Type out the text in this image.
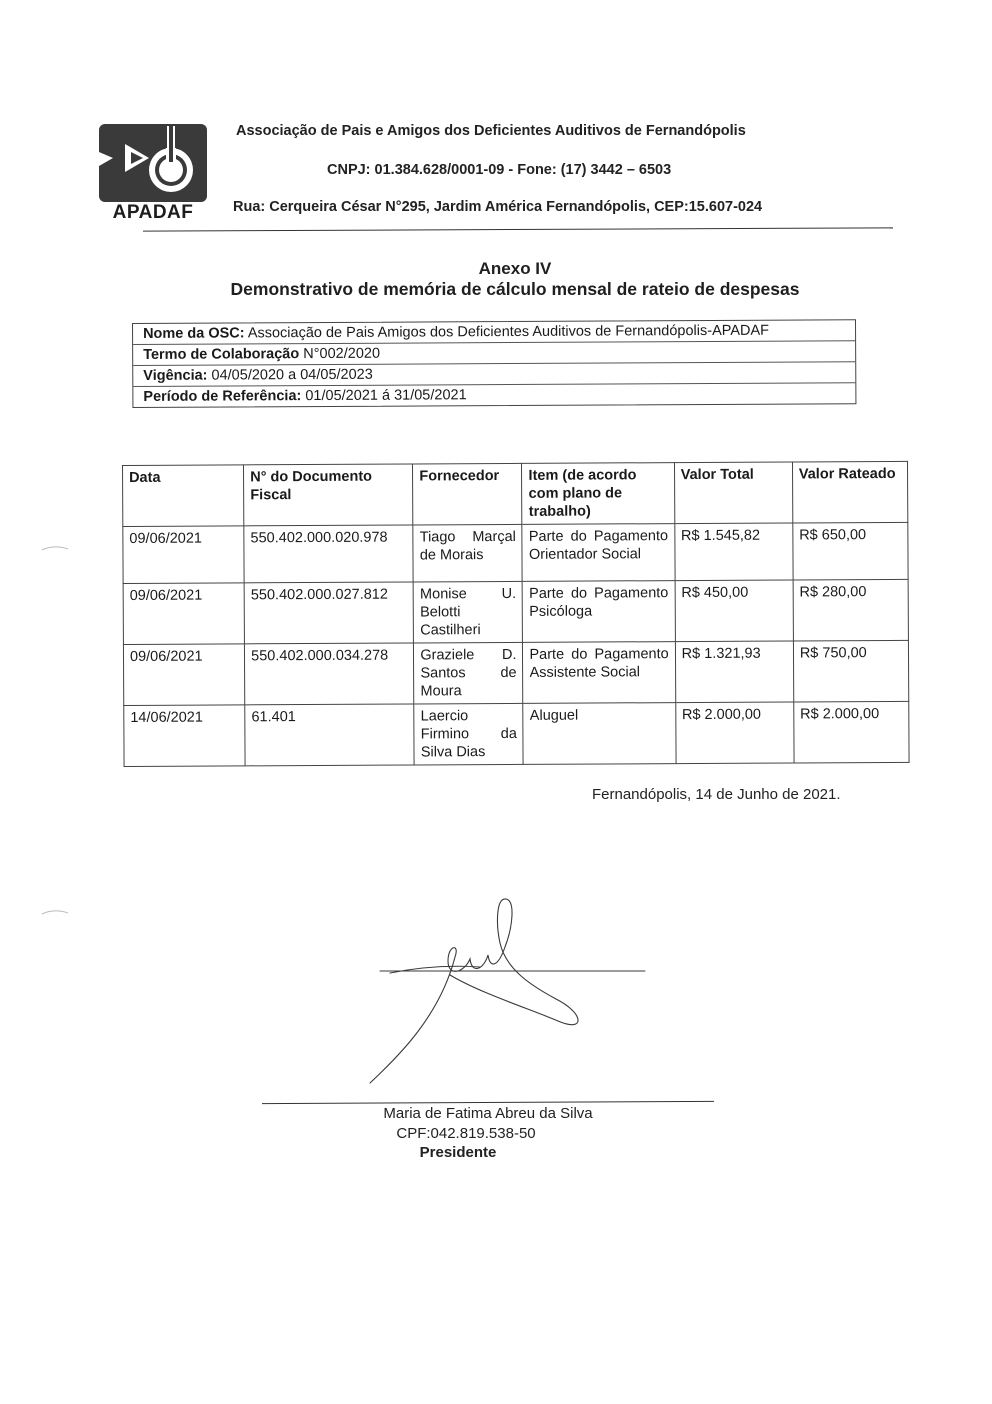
APADAF
Associação de Pais e Amigos dos Deficientes Auditivos de Fernandópolis
CNPJ: 01.384.628/0001-09 - Fone: (17) 3442 – 6503
Rua: Cerqueira César N°295, Jardim América Fernandópolis, CEP:15.607-024
Anexo IV
Demonstrativo de memória de cálculo mensal de rateio de despesas
Nome da OSC: Associação de Pais Amigos dos Deficientes Auditivos de Fernandópolis-APADAF
Termo de Colaboração N°002/2020
Vigência: 04/05/2020 a 04/05/2023
Período de Referência: 01/05/2021 á 31/05/2021
Data	N° do Documento Fiscal	Fornecedor	Item (de acordo com plano de trabalho)	Valor Total	Valor Rateado
09/06/2021	550.402.000.020.978	Tiago Marçal de Morais	Parte do Pagamento Orientador Social	R$ 1.545,82	R$ 650,00
09/06/2021	550.402.000.027.812	Monise U. Belotti Castilheri	Parte do Pagamento Psicóloga	R$ 450,00	R$ 280,00
09/06/2021	550.402.000.034.278	Graziele D. Santos de Moura	Parte do Pagamento Assistente Social	R$ 1.321,93	R$ 750,00
14/06/2021	61.401	Laercio Firmino da Silva Dias	Aluguel	R$ 2.000,00	R$ 2.000,00
Fernandópolis, 14 de Junho de 2021.
Maria de Fatima Abreu da Silva
CPF:042.819.538-50
Presidente
